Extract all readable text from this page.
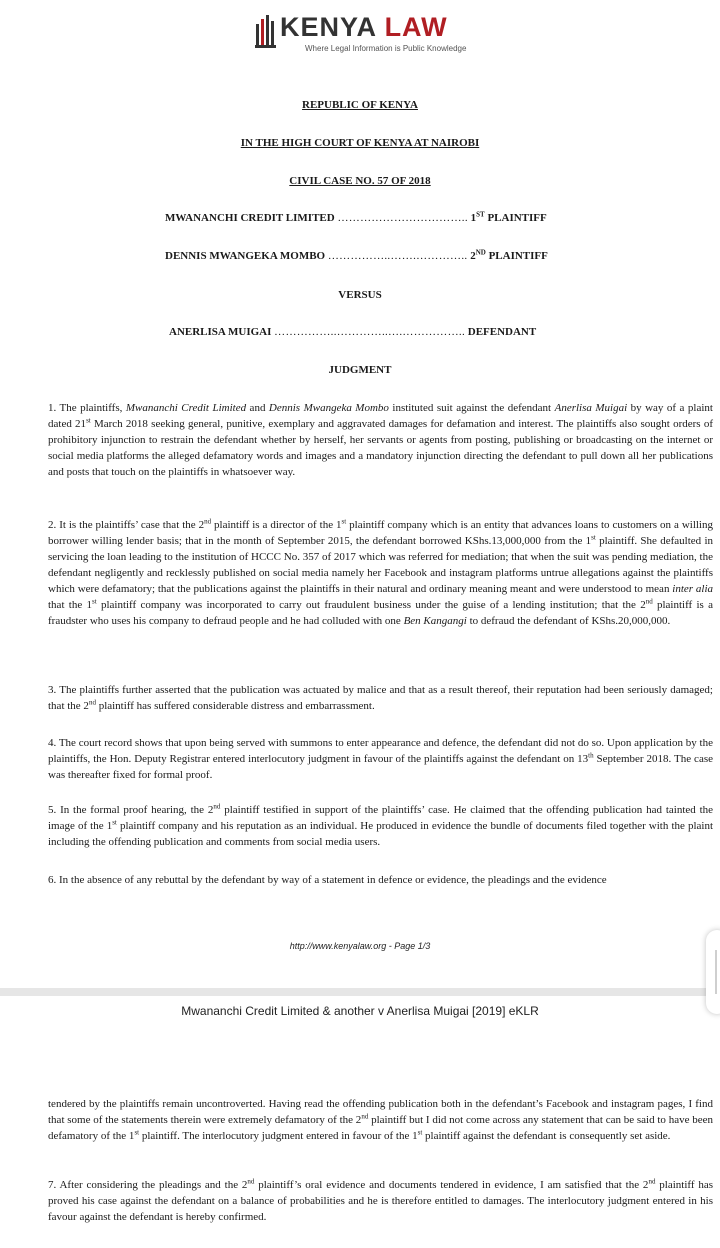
KENYA LAW
Where Legal Information is Public Knowledge
REPUBLIC OF KENYA
IN THE HIGH COURT OF KENYA AT NAIROBI
CIVIL CASE NO. 57 OF 2018
MWANANCHI CREDIT LIMITED …………………………….. 1ST PLAINTIFF
DENNIS MWANGEKA MOMBO ……………..…….………….. 2ND PLAINTIFF
VERSUS
ANERLISA MUIGAI ……………..…………..….…………….. DEFENDANT
JUDGMENT
1. The plaintiffs, Mwananchi Credit Limited and Dennis Mwangeka Mombo instituted suit against the defendant Anerlisa Muigai by way of a plaint dated 21st March 2018 seeking general, punitive, exemplary and aggravated damages for defamation and interest. The plaintiffs also sought orders of prohibitory injunction to restrain the defendant whether by herself, her servants or agents from posting, publishing or broadcasting on the internet or social media platforms the alleged defamatory words and images and a mandatory injunction directing the defendant to pull down all her publications and posts that touch on the plaintiffs in whatsoever way.
2. It is the plaintiffs’ case that the 2nd plaintiff is a director of the 1st plaintiff company which is an entity that advances loans to customers on a willing borrower willing lender basis; that in the month of September 2015, the defendant borrowed KShs.13,000,000 from the 1st plaintiff. She defaulted in servicing the loan leading to the institution of HCCC No. 357 of 2017 which was referred for mediation; that when the suit was pending mediation, the defendant negligently and recklessly published on social media namely her Facebook and instagram platforms untrue allegations against the plaintiffs which were defamatory; that the publications against the plaintiffs in their natural and ordinary meaning meant and were understood to mean inter alia that the 1st plaintiff company was incorporated to carry out fraudulent business under the guise of a lending institution; that the 2nd plaintiff is a fraudster who uses his company to defraud people and he had colluded with one Ben Kangangi to defraud the defendant of KShs.20,000,000.
3. The plaintiffs further asserted that the publication was actuated by malice and that as a result thereof, their reputation had been seriously damaged; that the 2nd plaintiff has suffered considerable distress and embarrassment.
4. The court record shows that upon being served with summons to enter appearance and defence, the defendant did not do so. Upon application by the plaintiffs, the Hon. Deputy Registrar entered interlocutory judgment in favour of the plaintiffs against the defendant on 13th September 2018. The case was thereafter fixed for formal proof.
5. In the formal proof hearing, the 2nd plaintiff testified in support of the plaintiffs’ case. He claimed that the offending publication had tainted the image of the 1st plaintiff company and his reputation as an individual. He produced in evidence the bundle of documents filed together with the plaint including the offending publication and comments from social media users.
6. In the absence of any rebuttal by the defendant by way of a statement in defence or evidence, the pleadings and the evidence
http://www.kenyalaw.org - Page 1/3
Mwananchi Credit Limited & another v Anerlisa Muigai [2019] eKLR
tendered by the plaintiffs remain uncontroverted. Having read the offending publication both in the defendant’s Facebook and instagram pages, I find that some of the statements therein were extremely defamatory of the 2nd plaintiff but I did not come across any statement that can be said to have been defamatory of the 1st plaintiff. The interlocutory judgment entered in favour of the 1st plaintiff against the defendant is consequently set aside.
7. After considering the pleadings and the 2nd plaintiff’s oral evidence and documents tendered in evidence, I am satisfied that the 2nd plaintiff has proved his case against the defendant on a balance of probabilities and he is therefore entitled to damages. The interlocutory judgment entered in his favour against the defendant is hereby confirmed.
